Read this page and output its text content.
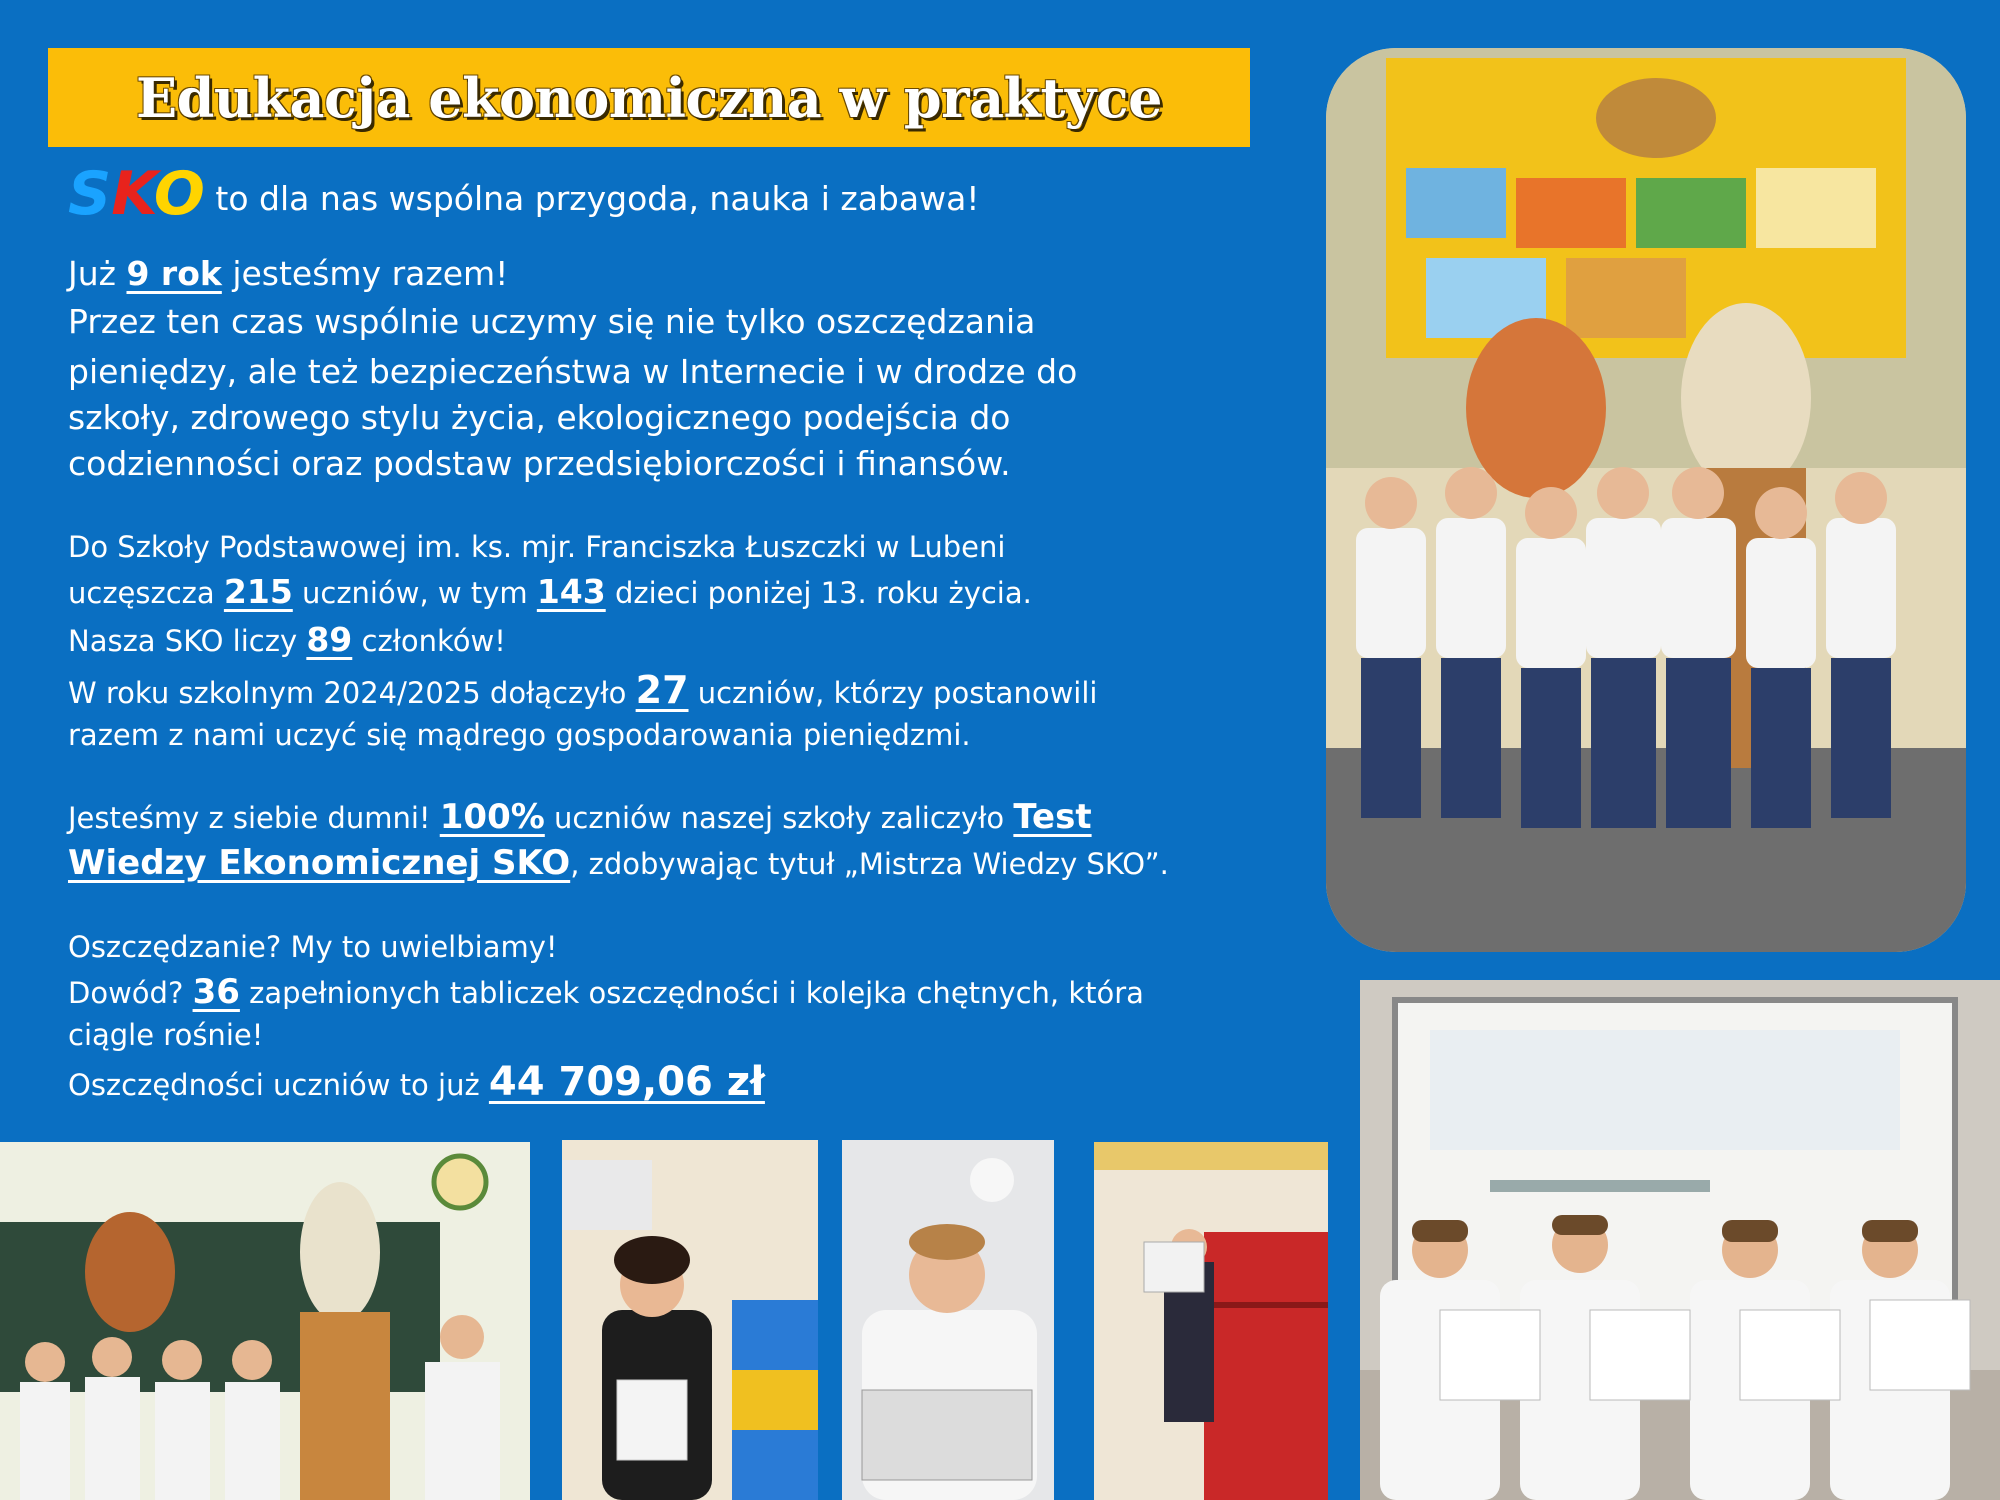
Edukacja ekonomiczna w praktyce
SKO to dla nas wspólna przygoda, nauka i zabawa!
Już 9 rok jesteśmy razem!
Przez ten czas wspólnie uczymy się nie tylko oszczędzania
pieniędzy, ale też bezpieczeństwa w Internecie i w drodze do
szkoły, zdrowego stylu życia, ekologicznego podejścia do
codzienności oraz podstaw przedsiębiorczości i finansów.
Do Szkoły Podstawowej im. ks. mjr. Franciszka Łuszczki w Lubeni
uczęszcza 215 uczniów, w tym 143 dzieci poniżej 13. roku życia.
Nasza SKO liczy 89 członków!
W roku szkolnym 2024/2025 dołączyło 27 uczniów, którzy postanowili
razem z nami uczyć się mądrego gospodarowania pieniędzmi.
Jesteśmy z siebie dumni! 100% uczniów naszej szkoły zaliczyło Test
Wiedzy Ekonomicznej SKO, zdobywając tytuł „Mistrza Wiedzy SKO”.
Oszczędzanie? My to uwielbiamy!
Dowód? 36 zapełnionych tabliczek oszczędności i kolejka chętnych, która
ciągle rośnie!
Oszczędności uczniów to już 44 709,06 zł
